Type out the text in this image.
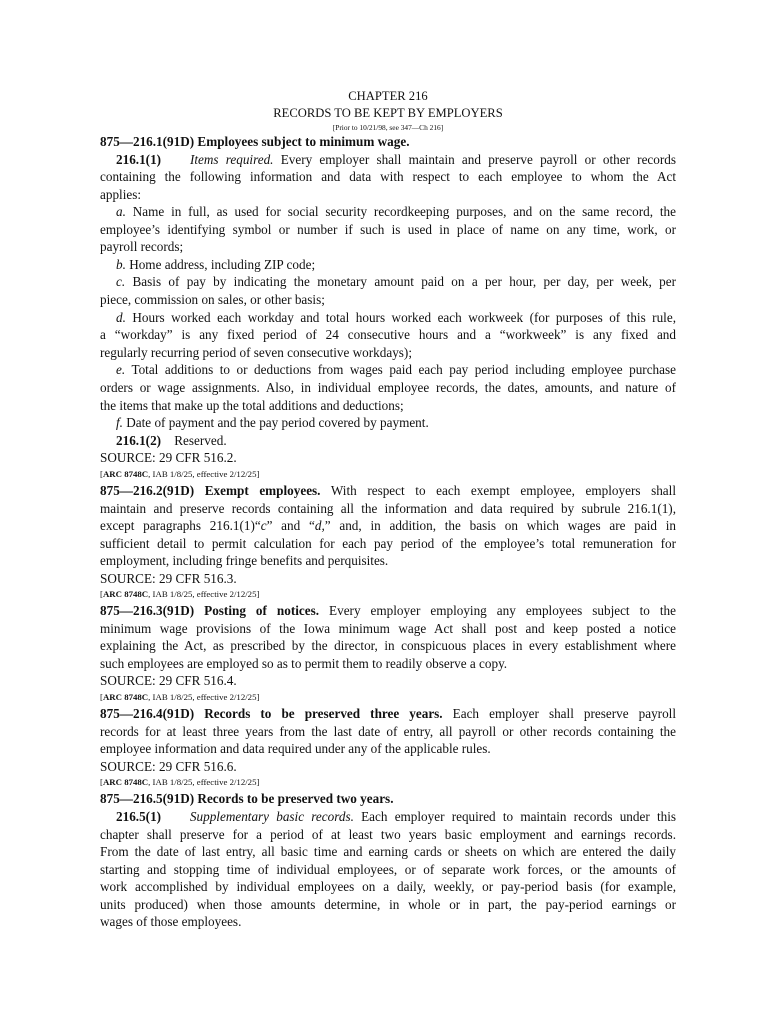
CHAPTER 216
RECORDS TO BE KEPT BY EMPLOYERS
[Prior to 10/21/98, see 347—Ch 216]
875—216.1(91D) Employees subject to minimum wage.
216.1(1) Items required. Every employer shall maintain and preserve payroll or other records
containing the following information and data with respect to each employee to whom the Act
applies:
a. Name in full, as used for social security recordkeeping purposes, and on the same record, the
employee’s identifying symbol or number if such is used in place of name on any time, work, or
payroll records;
b. Home address, including ZIP code;
c. Basis of pay by indicating the monetary amount paid on a per hour, per day, per week, per
piece, commission on sales, or other basis;
d. Hours worked each workday and total hours worked each workweek (for purposes of this rule,
a “workday” is any fixed period of 24 consecutive hours and a “workweek” is any fixed and
regularly recurring period of seven consecutive workdays);
e. Total additions to or deductions from wages paid each pay period including employee purchase
orders or wage assignments. Also, in individual employee records, the dates, amounts, and nature of
the items that make up the total additions and deductions;
f. Date of payment and the pay period covered by payment.
216.1(2) Reserved.
SOURCE: 29 CFR 516.2.
[ARC 8748C, IAB 1/8/25, effective 2/12/25]
875—216.2(91D) Exempt employees. With respect to each exempt employee, employers shall
maintain and preserve records containing all the information and data required by subrule 216.1(1),
except paragraphs 216.1(1)“c” and “d,” and, in addition, the basis on which wages are paid in
sufficient detail to permit calculation for each pay period of the employee’s total remuneration for
employment, including fringe benefits and perquisites.
SOURCE: 29 CFR 516.3.
[ARC 8748C, IAB 1/8/25, effective 2/12/25]
875—216.3(91D) Posting of notices. Every employer employing any employees subject to the
minimum wage provisions of the Iowa minimum wage Act shall post and keep posted a notice
explaining the Act, as prescribed by the director, in conspicuous places in every establishment where
such employees are employed so as to permit them to readily observe a copy.
SOURCE: 29 CFR 516.4.
[ARC 8748C, IAB 1/8/25, effective 2/12/25]
875—216.4(91D) Records to be preserved three years. Each employer shall preserve payroll
records for at least three years from the last date of entry, all payroll or other records containing the
employee information and data required under any of the applicable rules.
SOURCE: 29 CFR 516.6.
[ARC 8748C, IAB 1/8/25, effective 2/12/25]
875—216.5(91D) Records to be preserved two years.
216.5(1) Supplementary basic records. Each employer required to maintain records under this
chapter shall preserve for a period of at least two years basic employment and earnings records.
From the date of last entry, all basic time and earning cards or sheets on which are entered the daily
starting and stopping time of individual employees, or of separate work forces, or the amounts of
work accomplished by individual employees on a daily, weekly, or pay-period basis (for example,
units produced) when those amounts determine, in whole or in part, the pay-period earnings or
wages of those employees.
